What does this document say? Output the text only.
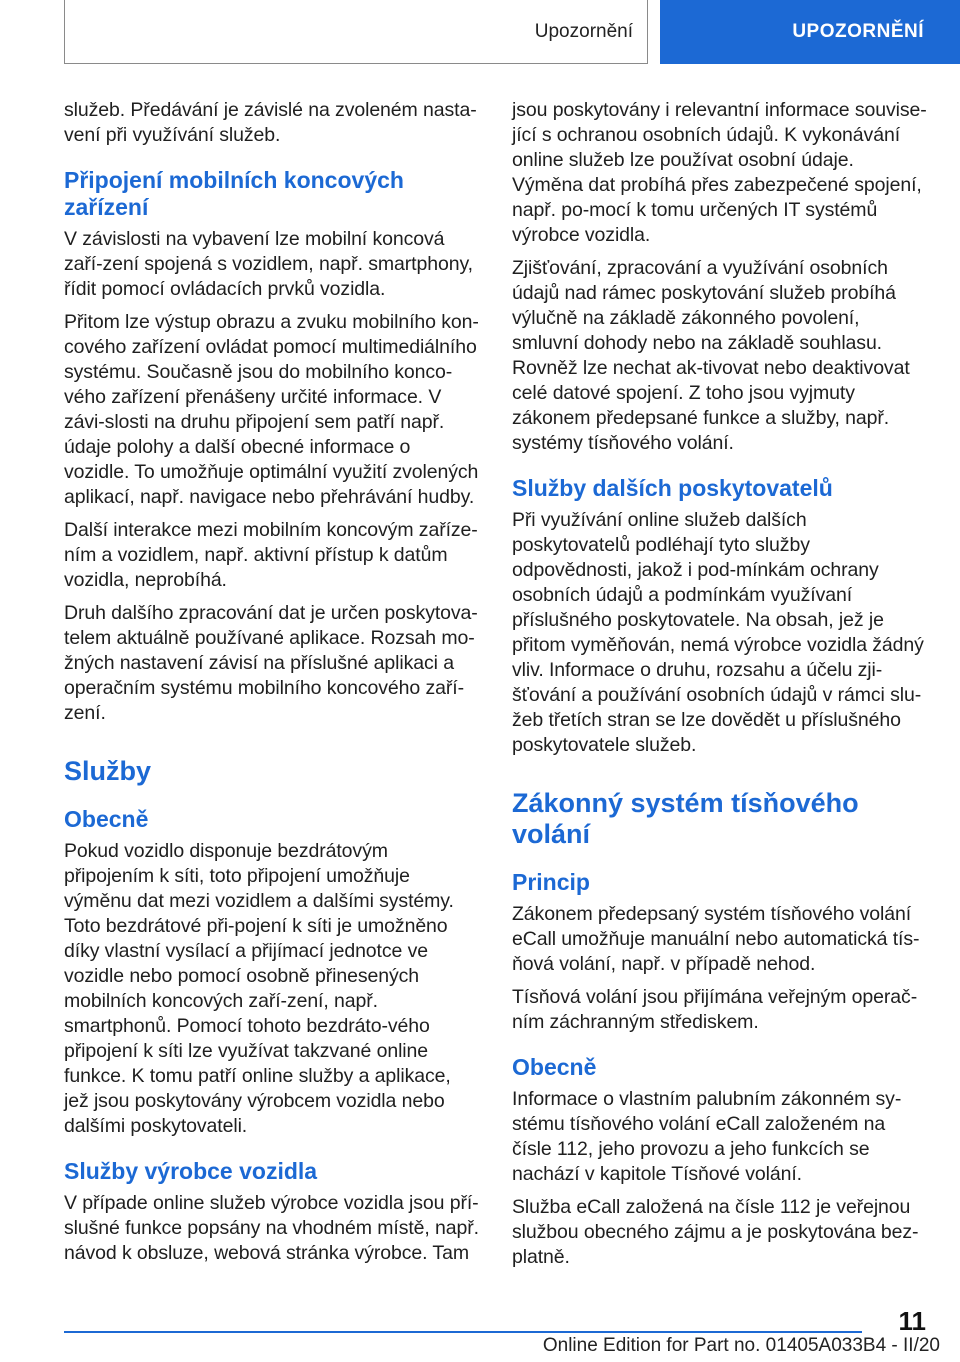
Upozornění	UPOZORNĚNÍ

služeb. Předávání je závislé na zvoleném nasta‐vení při využívání služeb.

Připojení mobilních koncových zařízení

V závislosti na vybavení lze mobilní koncová zaří‐zení spojená s vozidlem, např. smartphony, řídit pomocí ovládacích prvků vozidla.

Přitom lze výstup obrazu a zvuku mobilního kon‐cového zařízení ovládat pomocí multimediálního systému. Současně jsou do mobilního konco‐vého zařízení přenášeny určité informace. V závi‐slosti na druhu připojení sem patří např. údaje polohy a další obecné informace o vozidle. To umožňuje optimální využití zvolených aplikací, např. navigace nebo přehrávání hudby.

Další interakce mezi mobilním koncovým zaříze‐ním a vozidlem, např. aktivní přístup k datům vozidla, neprobíhá.

Druh dalšího zpracování dat je určen poskytova‐telem aktuálně používané aplikace. Rozsah mo‐žných nastavení závisí na příslušné aplikaci a operačním systému mobilního koncového zaří‐zení.

Služby
Obecně

Pokud vozidlo disponuje bezdrátovým připojením k síti, toto připojení umožňuje výměnu dat mezi vozidlem a dalšími systémy. Toto bezdrátové při‐pojení k síti je umožněno díky vlastní vysílací a přijímací jednotce ve vozidle nebo pomocí osobně přinesených mobilních koncových zaří‐zení, např. smartphonů. Pomocí tohoto bezdráto‐vého připojení k síti lze využívat takzvané online funkce. K tomu patří online služby a aplikace, jež jsou poskytovány výrobcem vozidla nebo dalšími poskytovateli.

Služby výrobce vozidla

V případe online služeb výrobce vozidla jsou pří‐slušné funkce popsány na vhodném místě, např. návod k obsluze, webová stránka výrobce. Tam

jsou poskytovány i relevantní informace souvise‐jící s ochranou osobních údajů. K vykonávání online služeb lze používat osobní údaje. Výměna dat probíhá přes zabezpečené spojení, např. po‐mocí k tomu určených IT systémů výrobce vozidla.

Zjišťování, zpracování a využívání osobních údajů nad rámec poskytování služeb probíhá výlučně na základě zákonného povolení, smluvní dohody nebo na základě souhlasu. Rovněž lze nechat ak‐tivovat nebo deaktivovat celé datové spojení. Z toho jsou vyjmuty zákonem předepsané funkce a služby, např. systémy tísňového volání.

Služby dalších poskytovatelů

Při využívání online služeb dalších poskytovatelů podléhají tyto služby odpovědnosti, jakož i pod‐mínkám ochrany osobních údajů a podmínkám využívaní příslušného poskytovatele. Na obsah, jež je přitom vyměňován, nemá výrobce vozidla žádný vliv. Informace o druhu, rozsahu a účelu zji‐šťování a používání osobních údajů v rámci slu‐žeb třetích stran se lze dovědět u příslušného poskytovatele služeb.

Zákonný systém tísňového volání
Princip

Zákonem předepsaný systém tísňového volání eCall umožňuje manuální nebo automatická tís‐ňová volání, např. v případě nehod.

Tísňová volání jsou přijímána veřejným operač‐ním záchranným střediskem.

Obecně

Informace o vlastním palubním zákonném sy‐stému tísňového volání eCall založeném na čísle 112, jeho provozu a jeho funkcích se nachází v kapitole Tísňové volání.

Služba eCall založená na čísle 112 je veřejnou službou obecného zájmu a je poskytována bez‐platně.

11
Online Edition for Part no. 01405A033B4 - II/20
